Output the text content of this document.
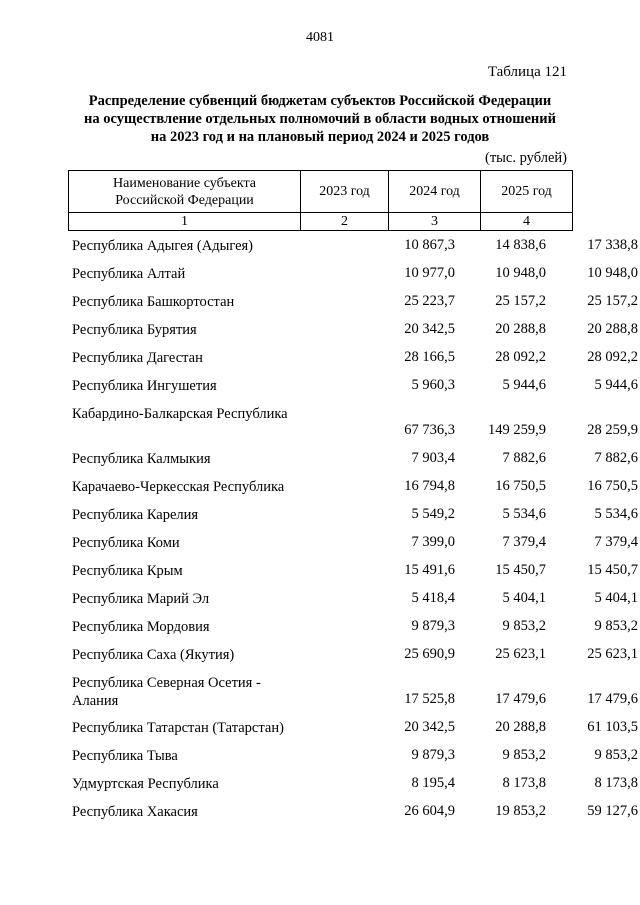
4081
Таблица 121
Распределение субвенций бюджетам субъектов Российской Федерации
на осуществление отдельных полномочий в области водных отношений
на 2023 год и на плановый период 2024 и 2025 годов
(тыс. рублей)
Наименование субъекта
Российской Федерации	2023 год	2024 год	2025 год
1	2	3	4
Республика Адыгея (Адыгея)	10 867,3	14 838,6	17 338,8
Республика Алтай	10 977,0	10 948,0	10 948,0
Республика Башкортостан	25 223,7	25 157,2	25 157,2
Республика Бурятия	20 342,5	20 288,8	20 288,8
Республика Дагестан	28 166,5	28 092,2	28 092,2
Республика Ингушетия	5 960,3	5 944,6	5 944,6
Кабардино-Балкарская Республика
67 736,3	149 259,9	28 259,9
Республика Калмыкия	7 903,4	7 882,6	7 882,6
Карачаево-Черкесская Республика	16 794,8	16 750,5	16 750,5
Республика Карелия	5 549,2	5 534,6	5 534,6
Республика Коми	7 399,0	7 379,4	7 379,4
Республика Крым	15 491,6	15 450,7	15 450,7
Республика Марий Эл	5 418,4	5 404,1	5 404,1
Республика Мордовия	9 879,3	9 853,2	9 853,2
Республика Саха (Якутия)	25 690,9	25 623,1	25 623,1
Республика Северная Осетия - Алания	17 525,8	17 479,6	17 479,6
Республика Татарстан (Татарстан)	20 342,5	20 288,8	61 103,5
Республика Тыва	9 879,3	9 853,2	9 853,2
Удмуртская Республика	8 195,4	8 173,8	8 173,8
Республика Хакасия	26 604,9	19 853,2	59 127,6
